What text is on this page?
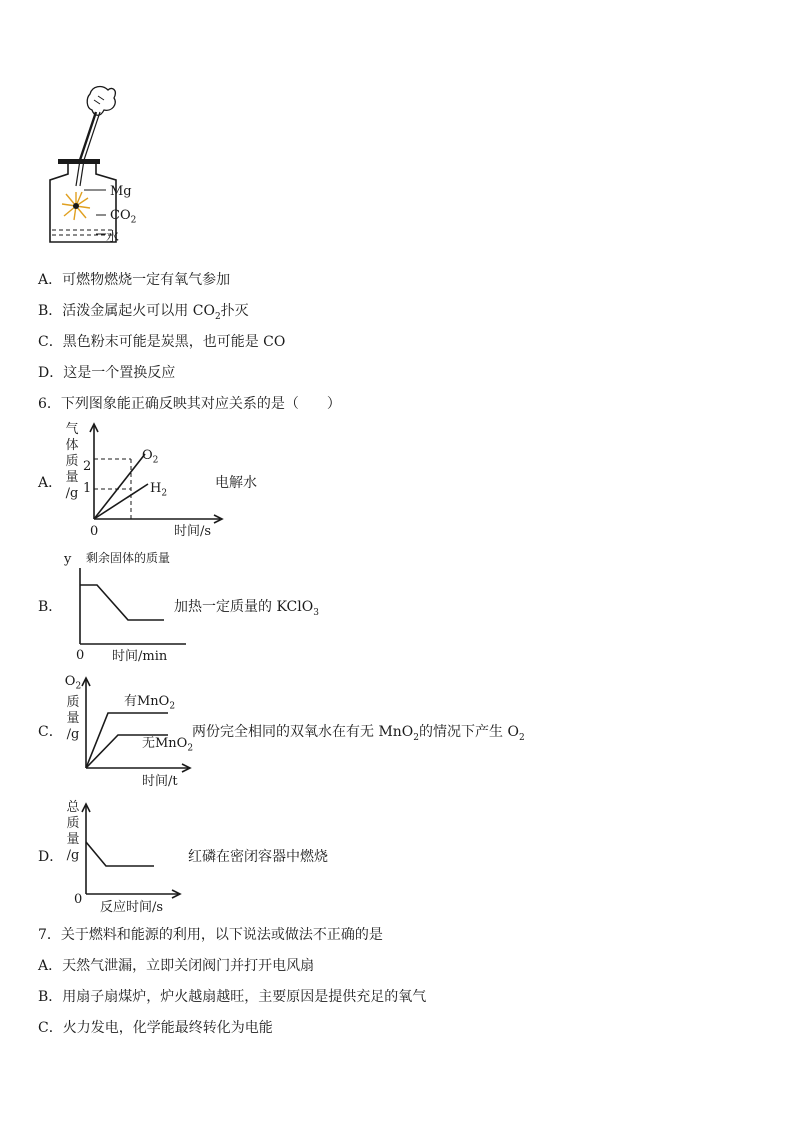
Mg
$CO_2$
水
A．可燃物燃烧一定有氧气参加
B．活泼金属起火可以用 $CO_2$扑灭
C．黑色粉末可能是炭黑，也可能是 CO
D．这是一个置换反应
6．下列图象能正确反映其对应关系的是（　　）
A．
气
体
质
量
/g
2
1
0	时间/s
$O_2$
$H_2$
电解水
B．
y 剩余固体的质量
0 时间/min
加热一定质量的 KClO$_3$
C．
$O_2$
质
量
/g
时间/t
有MnO$_2$
无MnO$_2$
两份完全相同的双氧水在有无 MnO$_2$的情况下产生 $O_2$
D．
总
质
量
/g
0
反应时间/s
红磷在密闭容器中燃烧
7．关于燃料和能源的利用，以下说法或做法不正确的是
A．天然气泄漏，立即关闭阀门并打开电风扇
B．用扇子扇煤炉，炉火越扇越旺，主要原因是提供充足的氧气
C．火力发电，化学能最终转化为电能
